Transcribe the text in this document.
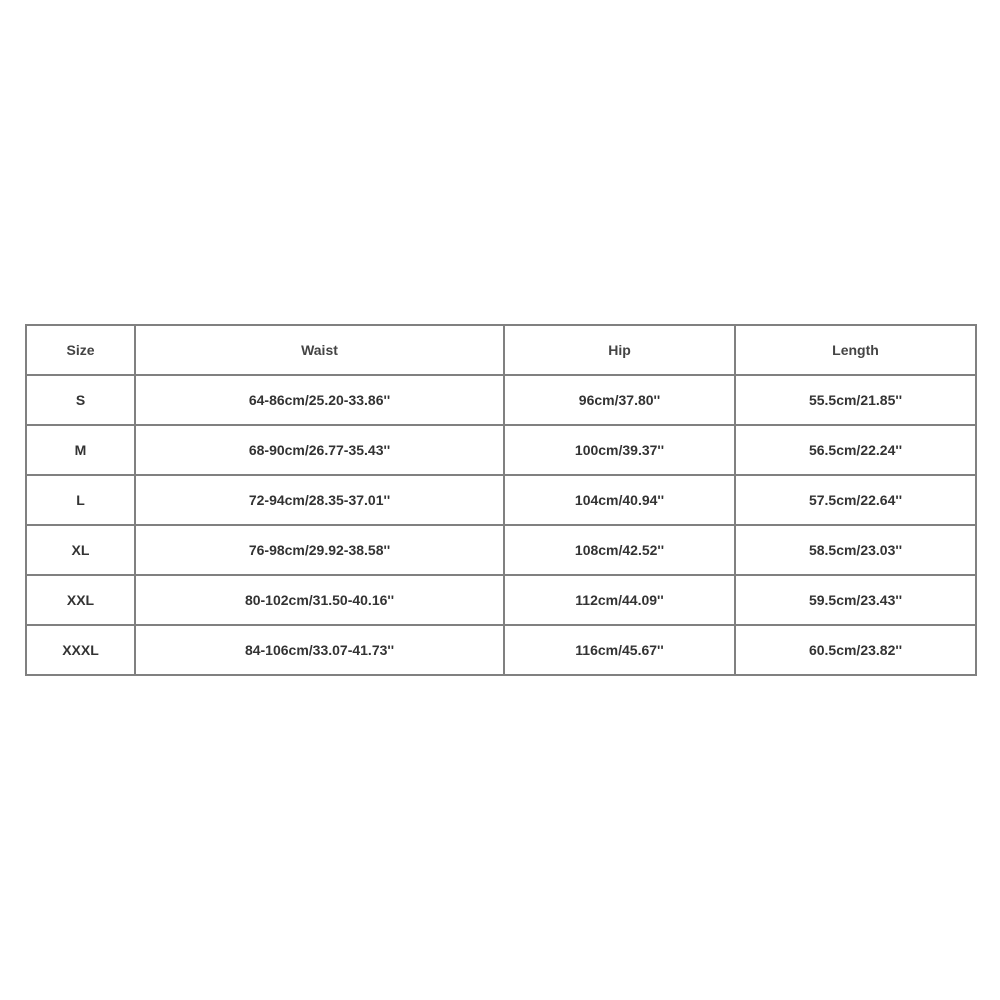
Size	Waist	Hip	Length
S	64-86cm/25.20-33.86''	96cm/37.80''	55.5cm/21.85''
M	68-90cm/26.77-35.43''	100cm/39.37''	56.5cm/22.24''
L	72-94cm/28.35-37.01''	104cm/40.94''	57.5cm/22.64''
XL	76-98cm/29.92-38.58''	108cm/42.52''	58.5cm/23.03''
XXL	80-102cm/31.50-40.16''	112cm/44.09''	59.5cm/23.43''
XXXL	84-106cm/33.07-41.73''	116cm/45.67''	60.5cm/23.82''
